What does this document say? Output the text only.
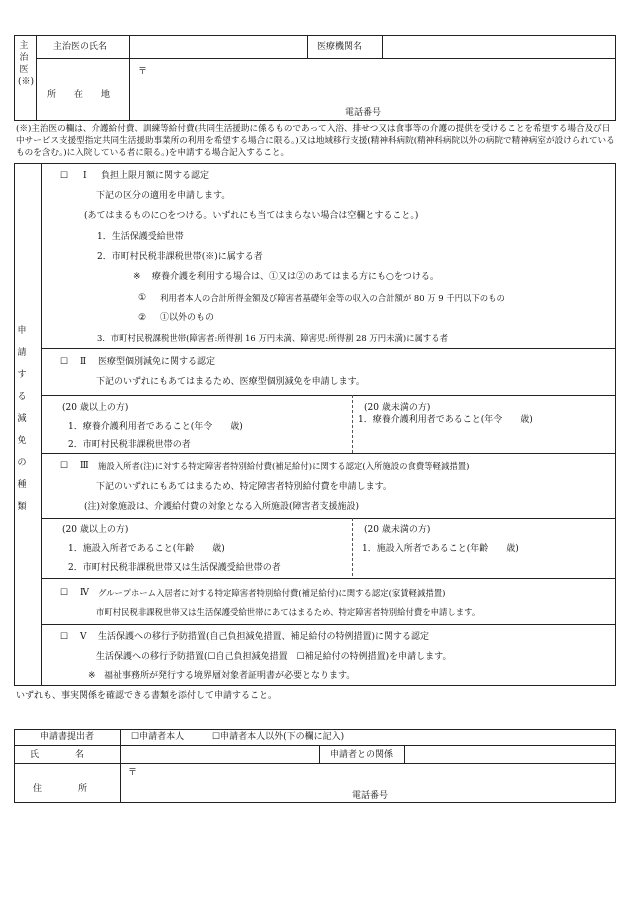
主治医(※)
主治医の氏名	医療機関名
所　　在　　地
〒
電話番号
(※)主治医の欄は、介護給付費、訓練等給付費(共同生活援助に係るものであって入浴、排せつ又は食事等の介護の提供を受けることを希望する場合及び日中サービス支援型指定共同生活援助事業所の利用を希望する場合に限る。)又は地域移行支援(精神科病院(精神科病院以外の病院で精神病室が設けられているものを含む。)に入院している者に限る。)を申請する場合記入すること。
申請する減免の種類
☐ Ⅰ 負担上限月額に関する認定
下記の区分の適用を申請します。
(あてはまるものに○をつける。いずれにも当てはまらない場合は空欄とすること。)
1．生活保護受給世帯
2．市町村民税非課税世帯(※)に属する者
※ 療養介護を利用する場合は、①又は②のあてはまる方にも○をつける。
① 利用者本人の合計所得金額及び障害者基礎年金等の収入の合計額が 80 万 9 千円以下のもの
② ①以外のもの
3．市町村民税課税世帯(障害者:所得割 16 万円未満、障害児:所得割 28 万円未満)に属する者
☐ Ⅱ 医療型個別減免に関する認定
下記のいずれにもあてはまるため、医療型個別減免を申請します。
(20 歳以上の方)
1．療養介護利用者であること(年令　　歳)
2．市町村民税非課税世帯の者
(20 歳未満の方)
1．療養介護利用者であること(年令　　歳)
☐ Ⅲ 施設入所者(注)に対する特定障害者特別給付費(補足給付)に関する認定(入所施設の食費等軽減措置)
下記のいずれにもあてはまるため、特定障害者特別給付費を申請します。
(注)対象施設は、介護給付費の対象となる入所施設(障害者支援施設)
(20 歳以上の方)
1．施設入所者であること(年齢　　歳)
2．市町村民税非課税世帯又は生活保護受給世帯の者
(20 歳未満の方)
1．施設入所者であること(年齢　　歳)
☐ Ⅳ グループホーム入居者に対する特定障害者特別給付費(補足給付)に関する認定(家賃軽減措置)
市町村民税非課税世帯又は生活保護受給世帯にあてはまるため、特定障害者特別給付費を申請します。
☐ Ⅴ 生活保護への移行予防措置(自己負担減免措置、補足給付の特例措置)に関する認定
生活保護への移行予防措置(☐自己負担減免措置　☐補足給付の特例措置)を申請します。
※ 福祉事務所が発行する境界層対象者証明書が必要となります。
いずれも、事実関係を確認できる書類を添付して申請すること。
申請書提出者	☐申請者本人	☐申請者本人以外(下の欄に記入)
氏　　　　名	申請者との関係
住　　　　所
〒
電話番号
